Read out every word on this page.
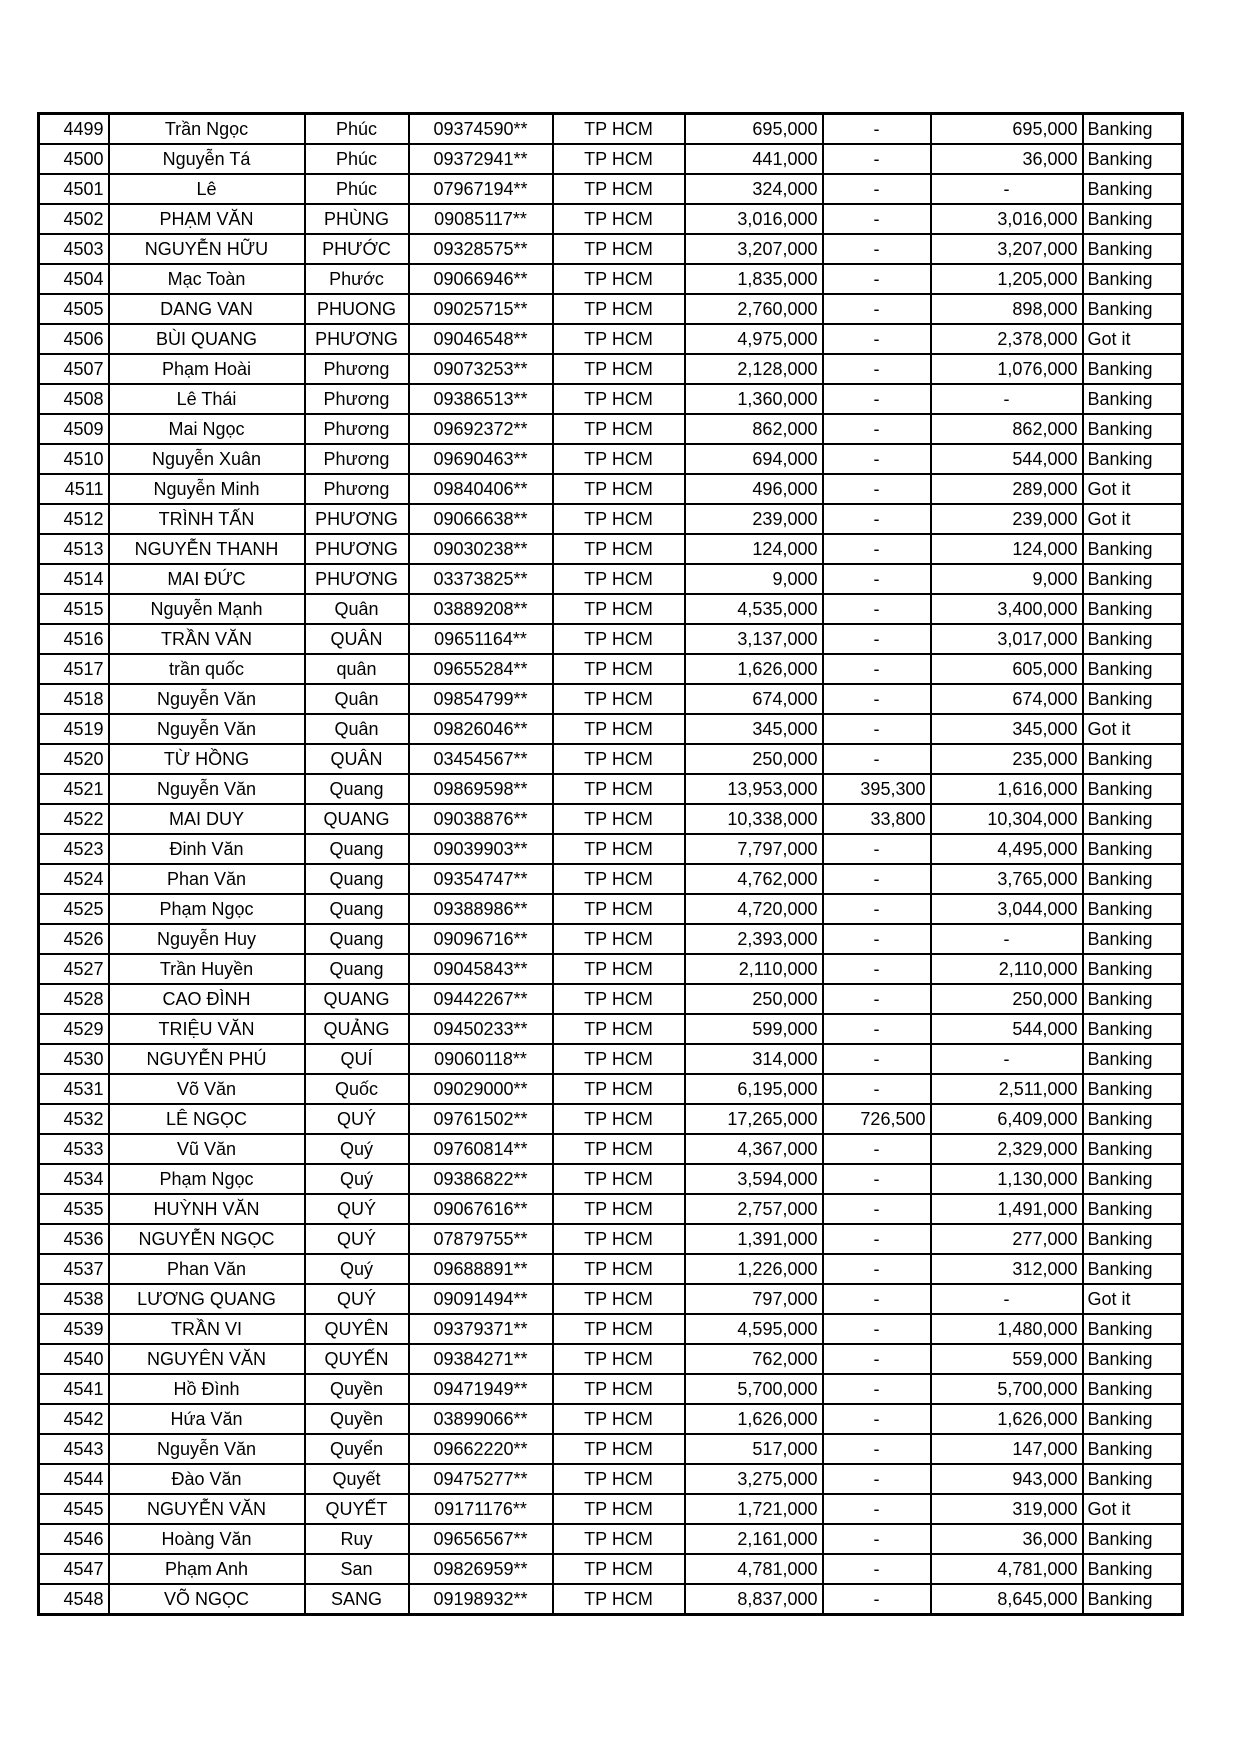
4499	Trần Ngọc	Phúc	09374590**	TP HCM	695,000	-	695,000	Banking
4500	Nguyễn Tá	Phúc	09372941**	TP HCM	441,000	-	36,000	Banking
4501	Lê	Phúc	07967194**	TP HCM	324,000	-	-	Banking
4502	PHẠM VĂN	PHÙNG	09085117**	TP HCM	3,016,000	-	3,016,000	Banking
4503	NGUYỄN HỮU	PHƯỚC	09328575**	TP HCM	3,207,000	-	3,207,000	Banking
4504	Mạc Toàn	Phước	09066946**	TP HCM	1,835,000	-	1,205,000	Banking
4505	DANG VAN	PHUONG	09025715**	TP HCM	2,760,000	-	898,000	Banking
4506	BÙI QUANG	PHƯƠNG	09046548**	TP HCM	4,975,000	-	2,378,000	Got it
4507	Phạm Hoài	Phương	09073253**	TP HCM	2,128,000	-	1,076,000	Banking
4508	Lê Thái	Phương	09386513**	TP HCM	1,360,000	-	-	Banking
4509	Mai Ngọc	Phương	09692372**	TP HCM	862,000	-	862,000	Banking
4510	Nguyễn Xuân	Phương	09690463**	TP HCM	694,000	-	544,000	Banking
4511	Nguyễn Minh	Phương	09840406**	TP HCM	496,000	-	289,000	Got it
4512	TRÌNH TẤN	PHƯƠNG	09066638**	TP HCM	239,000	-	239,000	Got it
4513	NGUYỄN THANH	PHƯƠNG	09030238**	TP HCM	124,000	-	124,000	Banking
4514	MAI ĐỨC	PHƯƠNG	03373825**	TP HCM	9,000	-	9,000	Banking
4515	Nguyễn Mạnh	Quân	03889208**	TP HCM	4,535,000	-	3,400,000	Banking
4516	TRẦN VĂN	QUÂN	09651164**	TP HCM	3,137,000	-	3,017,000	Banking
4517	trần quốc	quân	09655284**	TP HCM	1,626,000	-	605,000	Banking
4518	Nguyễn Văn	Quân	09854799**	TP HCM	674,000	-	674,000	Banking
4519	Nguyễn Văn	Quân	09826046**	TP HCM	345,000	-	345,000	Got it
4520	TỪ HỒNG	QUÂN	03454567**	TP HCM	250,000	-	235,000	Banking
4521	Nguyễn Văn	Quang	09869598**	TP HCM	13,953,000	395,300	1,616,000	Banking
4522	MAI DUY	QUANG	09038876**	TP HCM	10,338,000	33,800	10,304,000	Banking
4523	Đinh Văn	Quang	09039903**	TP HCM	7,797,000	-	4,495,000	Banking
4524	Phan Văn	Quang	09354747**	TP HCM	4,762,000	-	3,765,000	Banking
4525	Phạm Ngọc	Quang	09388986**	TP HCM	4,720,000	-	3,044,000	Banking
4526	Nguyễn Huy	Quang	09096716**	TP HCM	2,393,000	-	-	Banking
4527	Trần Huyền	Quang	09045843**	TP HCM	2,110,000	-	2,110,000	Banking
4528	CAO ĐÌNH	QUANG	09442267**	TP HCM	250,000	-	250,000	Banking
4529	TRIỆU VĂN	QUẢNG	09450233**	TP HCM	599,000	-	544,000	Banking
4530	NGUYỄN PHÚ	QUÍ	09060118**	TP HCM	314,000	-	-	Banking
4531	Võ Văn	Quốc	09029000**	TP HCM	6,195,000	-	2,511,000	Banking
4532	LÊ NGỌC	QUÝ	09761502**	TP HCM	17,265,000	726,500	6,409,000	Banking
4533	Vũ Văn	Quý	09760814**	TP HCM	4,367,000	-	2,329,000	Banking
4534	Phạm Ngọc	Quý	09386822**	TP HCM	3,594,000	-	1,130,000	Banking
4535	HUỲNH VĂN	QUÝ	09067616**	TP HCM	2,757,000	-	1,491,000	Banking
4536	NGUYỄN NGỌC	QUÝ	07879755**	TP HCM	1,391,000	-	277,000	Banking
4537	Phan Văn	Quý	09688891**	TP HCM	1,226,000	-	312,000	Banking
4538	LƯƠNG QUANG	QUÝ	09091494**	TP HCM	797,000	-	-	Got it
4539	TRẦN VI	QUYÊN	09379371**	TP HCM	4,595,000	-	1,480,000	Banking
4540	NGUYÊN VĂN	QUYẾN	09384271**	TP HCM	762,000	-	559,000	Banking
4541	Hồ Đình	Quyền	09471949**	TP HCM	5,700,000	-	5,700,000	Banking
4542	Hứa Văn	Quyền	03899066**	TP HCM	1,626,000	-	1,626,000	Banking
4543	Nguyễn Văn	Quyển	09662220**	TP HCM	517,000	-	147,000	Banking
4544	Đào Văn	Quyết	09475277**	TP HCM	3,275,000	-	943,000	Banking
4545	NGUYỄN VĂN	QUYẾT	09171176**	TP HCM	1,721,000	-	319,000	Got it
4546	Hoàng Văn	Ruy	09656567**	TP HCM	2,161,000	-	36,000	Banking
4547	Phạm Anh	San	09826959**	TP HCM	4,781,000	-	4,781,000	Banking
4548	VÕ NGỌC	SANG	09198932**	TP HCM	8,837,000	-	8,645,000	Banking
